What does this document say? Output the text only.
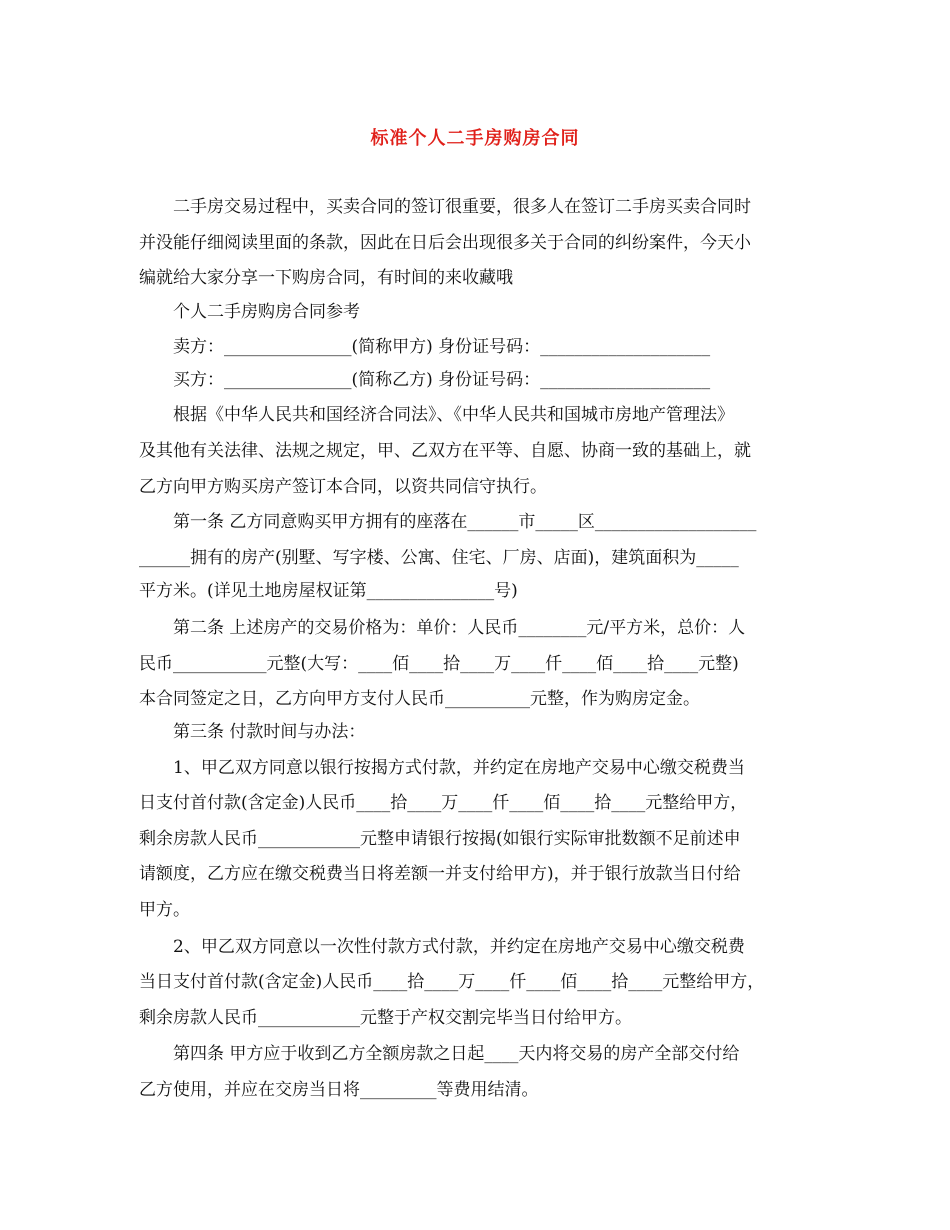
标准个人二手房购房合同
　　二手房交易过程中，买卖合同的签订很重要，很多人在签订二手房买卖合同时
并没能仔细阅读里面的条款，因此在日后会出现很多关于合同的纠纷案件，今天小
编就给大家分享一下购房合同，有时间的来收藏哦
　　个人二手房购房合同参考
　　卖方：_______________(简称甲方) 身份证号码：____________________
　　买方：_______________(简称乙方) 身份证号码：____________________
　　根据《中华人民共和国经济合同法》、《中华人民共和国城市房地产管理法》
及其他有关法律、法规之规定，甲、乙双方在平等、自愿、协商一致的基础上，就
乙方向甲方购买房产签订本合同，以资共同信守执行。
　　第一条 乙方同意购买甲方拥有的座落在______市_____区___________________
______拥有的房产(别墅、写字楼、公寓、住宅、厂房、店面)，建筑面积为_____
平方米。(详见土地房屋权证第_______________号)
　　第二条 上述房产的交易价格为：单价：人民币________元/平方米，总价：人
民币___________元整(大写：____佰____拾____万____仟____佰____拾____元整)
本合同签定之日，乙方向甲方支付人民币__________元整，作为购房定金。
　　第三条 付款时间与办法：
　　1、甲乙双方同意以银行按揭方式付款，并约定在房地产交易中心缴交税费当
日支付首付款(含定金)人民币____拾____万____仟____佰____拾____元整给甲方，
剩余房款人民币____________元整申请银行按揭(如银行实际审批数额不足前述申
请额度，乙方应在缴交税费当日将差额一并支付给甲方)，并于银行放款当日付给
甲方。
　　2、甲乙双方同意以一次性付款方式付款，并约定在房地产交易中心缴交税费
当日支付首付款(含定金)人民币____拾____万____仟____佰____拾____元整给甲方，
剩余房款人民币____________元整于产权交割完毕当日付给甲方。
　　第四条 甲方应于收到乙方全额房款之日起____天内将交易的房产全部交付给
乙方使用，并应在交房当日将_________等费用结清。
